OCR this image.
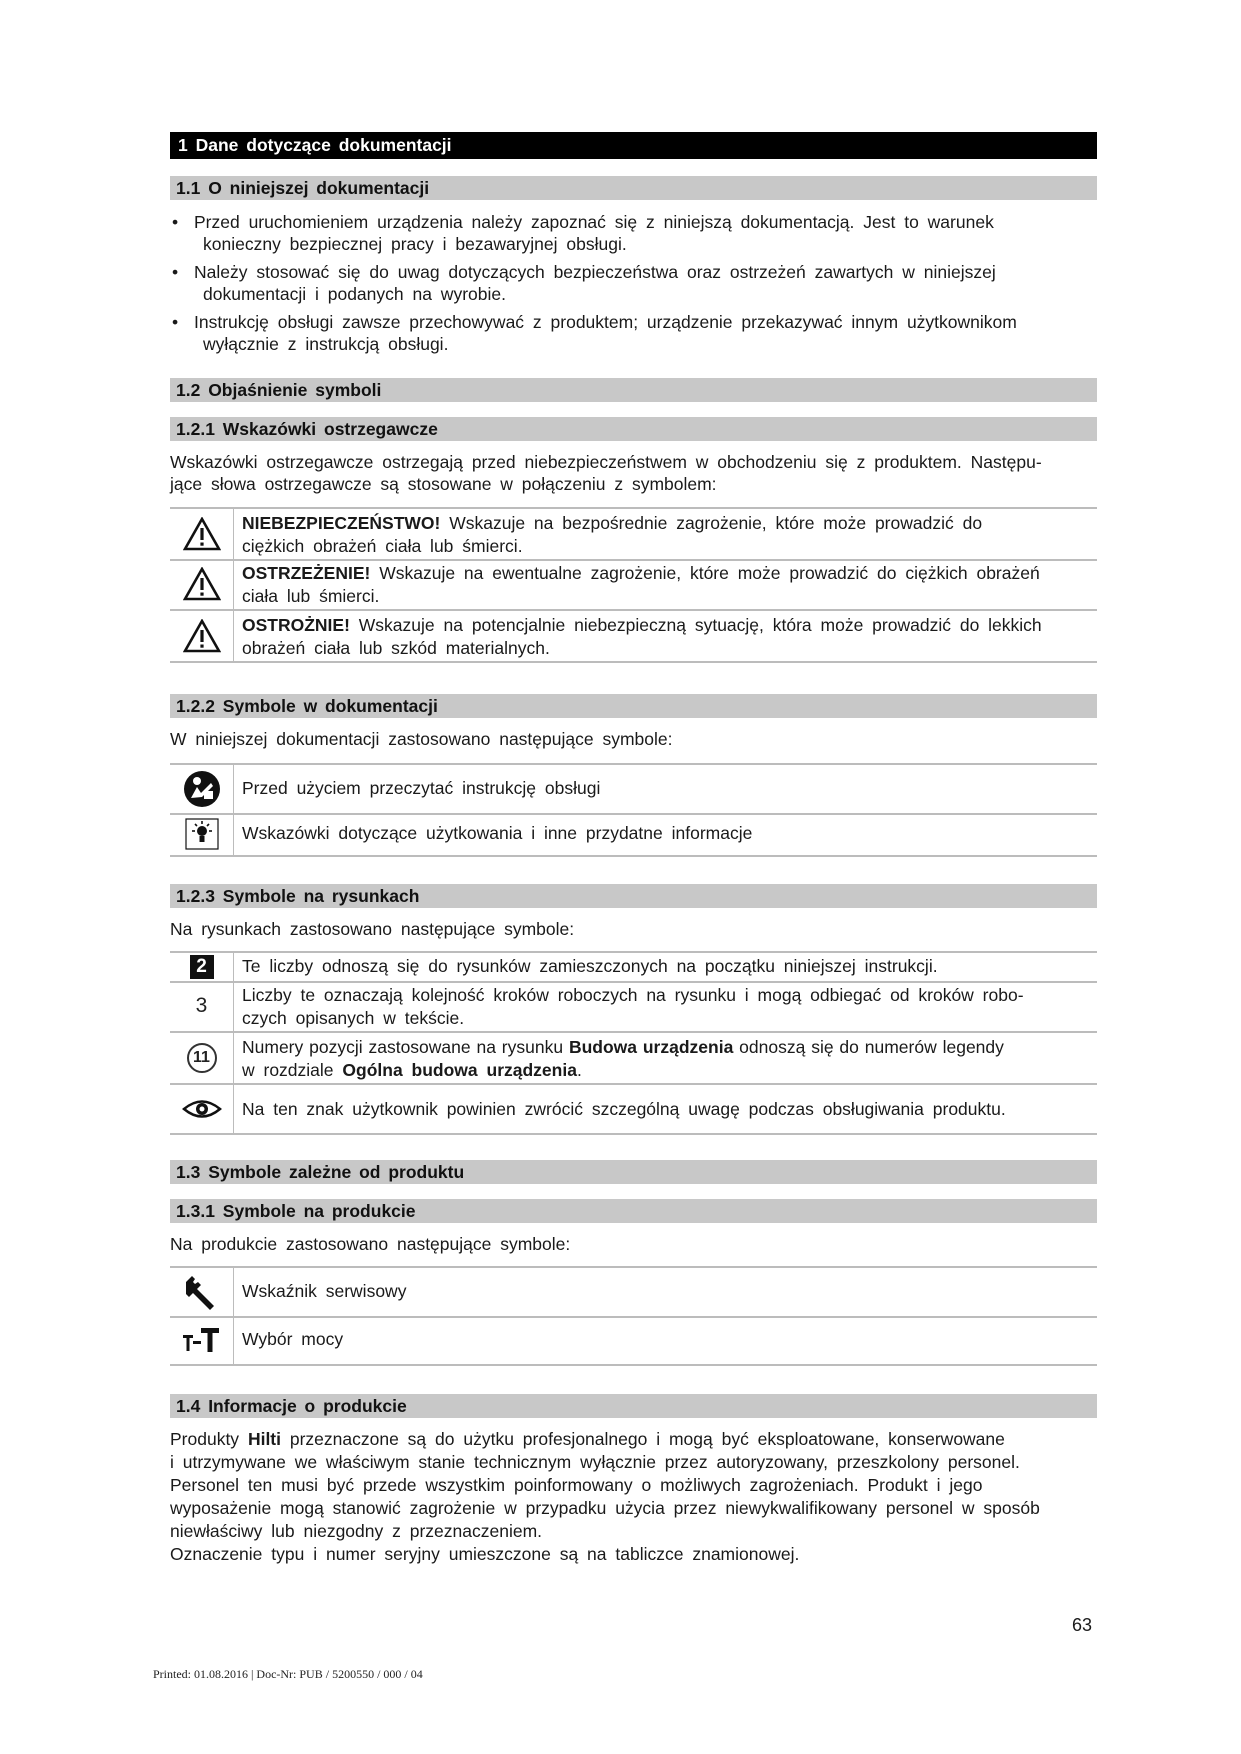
1 Dane dotyczące dokumentacji
1.1 O niniejszej dokumentacji
• Przed uruchomieniem urządzenia należy zapoznać się z niniejszą dokumentacją. Jest to warunek
konieczny bezpiecznej pracy i bezawaryjnej obsługi.
• Należy stosować się do uwag dotyczących bezpieczeństwa oraz ostrzeżeń zawartych w niniejszej
dokumentacji i podanych na wyrobie.
• Instrukcję obsługi zawsze przechowywać z produktem; urządzenie przekazywać innym użytkownikom
wyłącznie z instrukcją obsługi.
1.2 Objaśnienie symboli
1.2.1 Wskazówki ostrzegawcze
Wskazówki ostrzegawcze ostrzegają przed niebezpieczeństwem w obchodzeniu się z produktem. Następu-
jące słowa ostrzegawcze są stosowane w połączeniu z symbolem:
NIEBEZPIECZEŃSTWO! Wskazuje na bezpośrednie zagrożenie, które może prowadzić do
ciężkich obrażeń ciała lub śmierci.
OSTRZEŻENIE! Wskazuje na ewentualne zagrożenie, które może prowadzić do ciężkich obrażeń
ciała lub śmierci.
OSTROŻNIE! Wskazuje na potencjalnie niebezpieczną sytuację, która może prowadzić do lekkich
obrażeń ciała lub szkód materialnych.
1.2.2 Symbole w dokumentacji
W niniejszej dokumentacji zastosowano następujące symbole:
Przed użyciem przeczytać instrukcję obsługi
Wskazówki dotyczące użytkowania i inne przydatne informacje
1.2.3 Symbole na rysunkach
Na rysunkach zastosowano następujące symbole:
2	Te liczby odnoszą się do rysunków zamieszczonych na początku niniejszej instrukcji.
3 Liczby te oznaczają kolejność kroków roboczych na rysunku i mogą odbiegać od kroków robo-
czych opisanych w tekście.
11
Numery pozycji zastosowane na rysunku Budowa urządzenia odnoszą się do numerów legendy
w rozdziale Ogólna budowa urządzenia.
Na ten znak użytkownik powinien zwrócić szczególną uwagę podczas obsługiwania produktu.
1.3 Symbole zależne od produktu
1.3.1 Symbole na produkcie
Na produkcie zastosowano następujące symbole:
Wskaźnik serwisowy
Wybór mocy
1.4 Informacje o produkcie
Produkty Hilti przeznaczone są do użytku profesjonalnego i mogą być eksploatowane, konserwowane
i utrzymywane we właściwym stanie technicznym wyłącznie przez autoryzowany, przeszkolony personel.
Personel ten musi być przede wszystkim poinformowany o możliwych zagrożeniach. Produkt i jego
wyposażenie mogą stanowić zagrożenie w przypadku użycia przez niewykwalifikowany personel w sposób
niewłaściwy lub niezgodny z przeznaczeniem.
Oznaczenie typu i numer seryjny umieszczone są na tabliczce znamionowej.
63
Printed: 01.08.2016 | Doc-Nr: PUB / 5200550 / 000 / 04
